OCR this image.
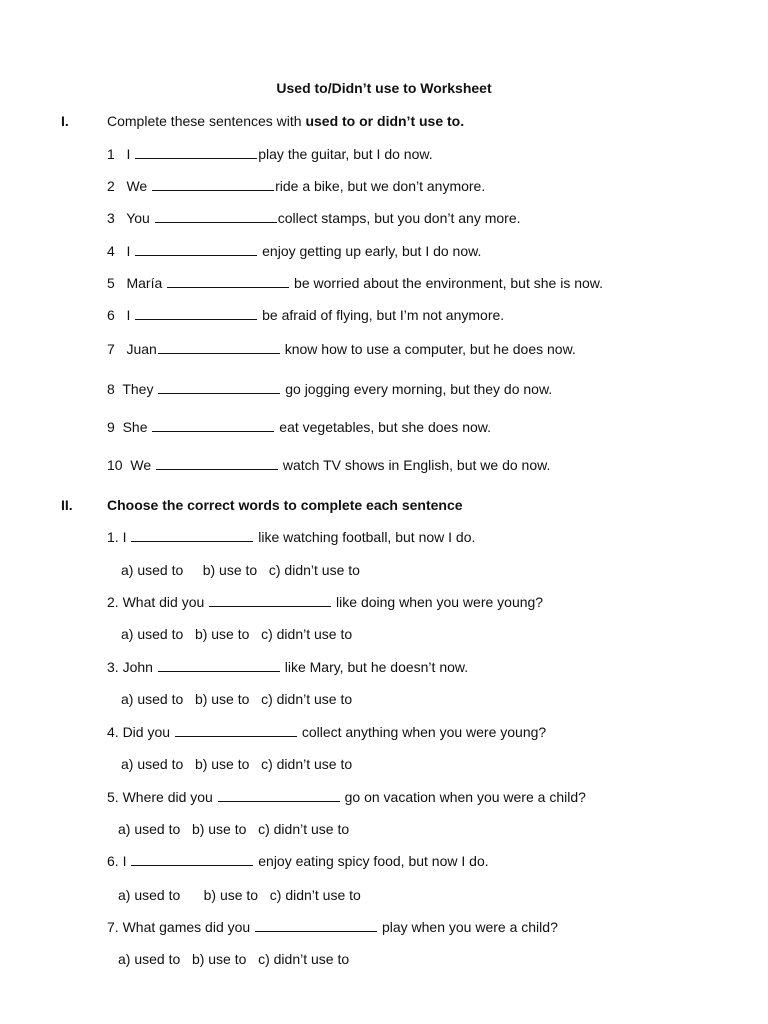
Used to/Didn’t use to Worksheet
I.	Complete these sentences with used to or didn’t use to.
1 I	play the guitar, but I do now.
2 We	ride a bike, but we don’t anymore.
3 You	collect stamps, but you don’t any more.
4 I	enjoy getting up early, but I do now.
5 María	be worried about the environment, but she is now.
6 I	be afraid of flying, but I’m not anymore.
7 Juan	know how to use a computer, but he does now.
8 They	go jogging every morning, but they do now.
9 She	eat vegetables, but she does now.
10 We	watch TV shows in English, but we do now.
II. Choose the correct words to complete each sentence
1. I	like watching football, but now I do.
a) used to b) use to c) didn’t use to
2. What did you	like doing when you were young?
a) used to b) use to c) didn’t use to
3. John	like Mary, but he doesn’t now.
a) used to b) use to c) didn’t use to
4. Did you	collect anything when you were young?
a) used to b) use to c) didn’t use to
5. Where did you	go on vacation when you were a child?
a) used to b) use to c) didn’t use to
6. I	enjoy eating spicy food, but now I do.
a) used to b) use to c) didn’t use to
7. What games did you	play when you were a child?
a) used to b) use to c) didn’t use to
